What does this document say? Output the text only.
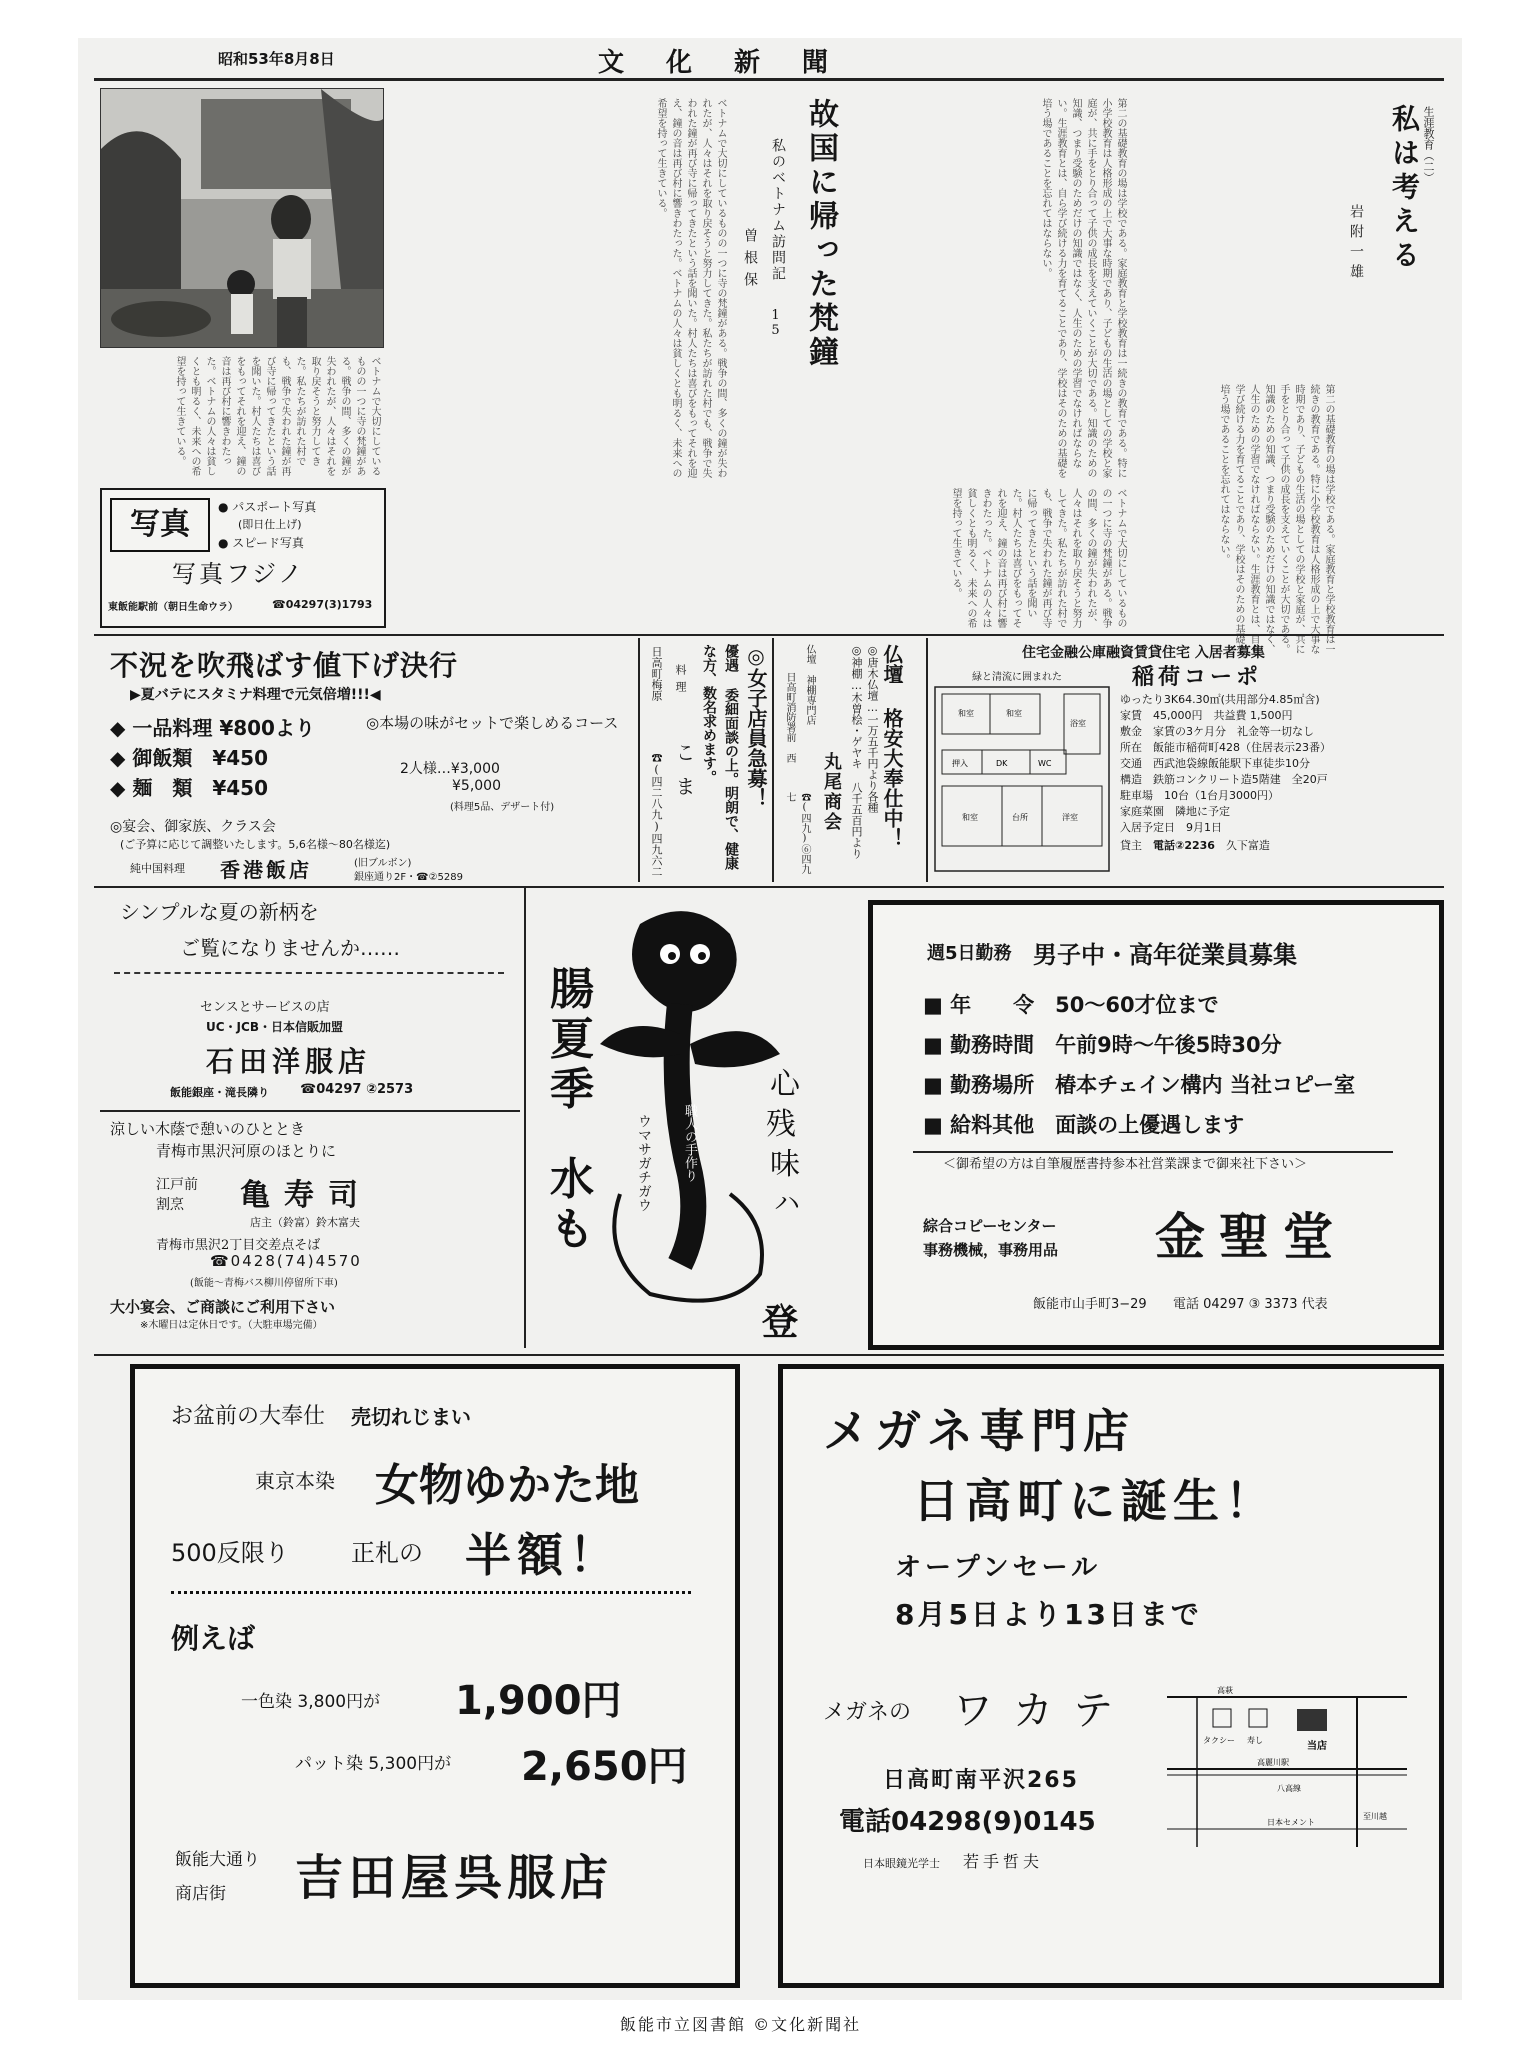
昭和53年8月8日	文　化　新　聞
私は考える
岩附一雄
生涯教育（二）
第二の基礎教育の場は学校である。家庭教育と学校教育は一続きの教育である。特に小学校教育は人格形成の上で大事な時期であり、子どもの生活の場としての学校と家庭が、共に手をとり合って子供の成長を支えていくことが大切である。知識のための知識、つまり受験のためだけの知識ではなく、人生のための学習でなければならない。生涯教育とは、自ら学び続ける力を育てることであり、学校はそのための基礎を培う場であることを忘れてはならない。
故国に帰った梵鐘
私のベトナム訪問記
15
曽根保
ベトナムで大切にしているものの一つに寺の梵鐘がある。戦争の間、多くの鐘が失われたが、人々はそれを取り戻そうと努力してきた。私たちが訪れた村でも、戦争で失われた鐘が再び寺に帰ってきたという話を聞いた。村人たちは喜びをもってそれを迎え、鐘の音は再び村に響きわたった。ベトナムの人々は貧しくとも明るく、未来への希望を持って生きている。
ベトナムで大切にしているものの一つに寺の梵鐘がある。戦争の間、多くの鐘が失われたが、人々はそれを取り戻そうと努力してきた。私たちが訪れた村でも、戦争で失われた鐘が再び寺に帰ってきたという話を聞いた。村人たちは喜びをもってそれを迎え、鐘の音は再び村に響きわたった。ベトナムの人々は貧しくとも明るく、未来への希望を持って生きている。	第二の基礎教育の場は学校である。家庭教育と学校教育は一続きの教育である。特に小学校教育は人格形成の上で大事な時期であり、子どもの生活の場としての学校と家庭が、共に手をとり合って子供の成長を支えていくことが大切である。知識のための知識、つまり受験のためだけの知識ではなく、人生のための学習でなければならない。生涯教育とは、自ら学び続ける力を育てることであり、学校はそのための基礎を培う場であることを忘れてはならない。
ベトナムで大切にしているものの一つに寺の梵鐘がある。戦争の間、多くの鐘が失われたが、人々はそれを取り戻そうと努力してきた。私たちが訪れた村でも、戦争で失われた鐘が再び寺に帰ってきたという話を聞いた。村人たちは喜びをもってそれを迎え、鐘の音は再び村に響きわたった。ベトナムの人々は貧しくとも明るく、未来への希望を持って生きている。
写真	● パスポート写真
(即日仕上げ)
● スピード写真
写真フジノ
東飯能駅前（朝日生命ウラ）	☎04297(3)1793
不況を吹飛ばす値下げ決行
▶夏バテにスタミナ料理で元気倍増!!!◀
◆ 一品料理 ¥800より
◆ 御飯類　 ¥450
◆ 麺　類　 ¥450
◎本場の味がセットで楽しめるコース
2人様…¥3,000
¥5,000
(料理5品、デザート付)
◎宴会、御家族、クラス会
(ご予算に応じて調整いたします。5,6名様〜80名様迄)
純中国料理 香港飯店	(旧ブルボン)
銀座通り2F・☎②5289
日高町梅原
☎(四二八九)四九六二
料理
こま	優遇 委細面談の上。明朗で、健康な方、数名求めます。	◎女子店員急募！	日高町消防署前 西
☎(四九)⑥四九七
仏壇 神棚専門店
丸尾商会 ◎神棚…木曽桧・ゲヤキ 八千五百円より ◎唐木仏壇…一万五千円より各種 仏壇 格安大奉仕中！	住宅金融公庫融資賃貸住宅 入居者募集
緑と清流に囲まれた	稲荷コーポ
和室	和室
浴室
押入	DK	WC
和室	台所	洋室
ゆったり3K64.30㎡(共用部分4.85㎡含)
家賃　 45,000円　共益費 1,500円
敷金　 家賃の3ケ月分　礼金等一切なし
所在　 飯能市稲荷町428（住居表示23番）
交通　 西武池袋線飯能駅下車徒歩10分
構造　 鉄筋コンクリート造5階建　全20戸
駐車場　 10台（1台月3000円）
家庭菜園　 隣地に予定
入居予定日　 9月1日
貸主　 電話②2236　 久下富造
シンプルな夏の新柄を
ご覧になりませんか……
センスとサービスの店
UC・JCB・日本信販加盟
石田洋服店
飯能銀座・滝長隣り ☎04297 ②2573
涼しい木蔭で憩いのひととき
青梅市黒沢河原のほとりに
江戸前
割烹 亀寿司
店主（鈴富）鈴木富夫
青梅市黒沢2丁目交差点そば
☎0428(74)4570
(飯能〜青梅バス柳川停留所下車)
大小宴会、ご商談にご利用下さい
※木曜日は定休日です。（大駐車場完備）
腸
夏
季
水
も
心
残
味
ハ
登
ウマサガチガウ 職人の手作り
週5日勤務 男子中・高年従業員募集
■ 年　　令　 50〜60才位まで
■ 勤務時間　 午前9時〜午後5時30分
■ 勤務場所　 椿本チェイン構内 当社コピー室
■ 給料其他　 面談の上優遇します
＜御希望の方は自筆履歴書持参本社営業課まで御来社下さい＞
綜合コピーセンター
事務機械，事務用品 金聖堂
飯能市山手町3−29 電話 04297 ③ 3373 代表
お盆前の大奉仕 売切れじまい
東京本染 女物ゆかた地
500反限り	正札の 半額！
例えば
一色染 3,800円が 1,900円
パット染 5,300円が 2,650円
飯能大通り
商店街 吉田屋呉服店
メガネ専門店
日高町に誕生！
オープンセール
8月5日より13日まで
メガネの ワカテ
日高町南平沢265
電話04298(9)0145
日本眼鏡光学士 若手哲夫
高萩
タクシー 寿し
当店
高麗川駅
八高線
日本セメント
至川越
飯能市立図書館 ©文化新聞社
